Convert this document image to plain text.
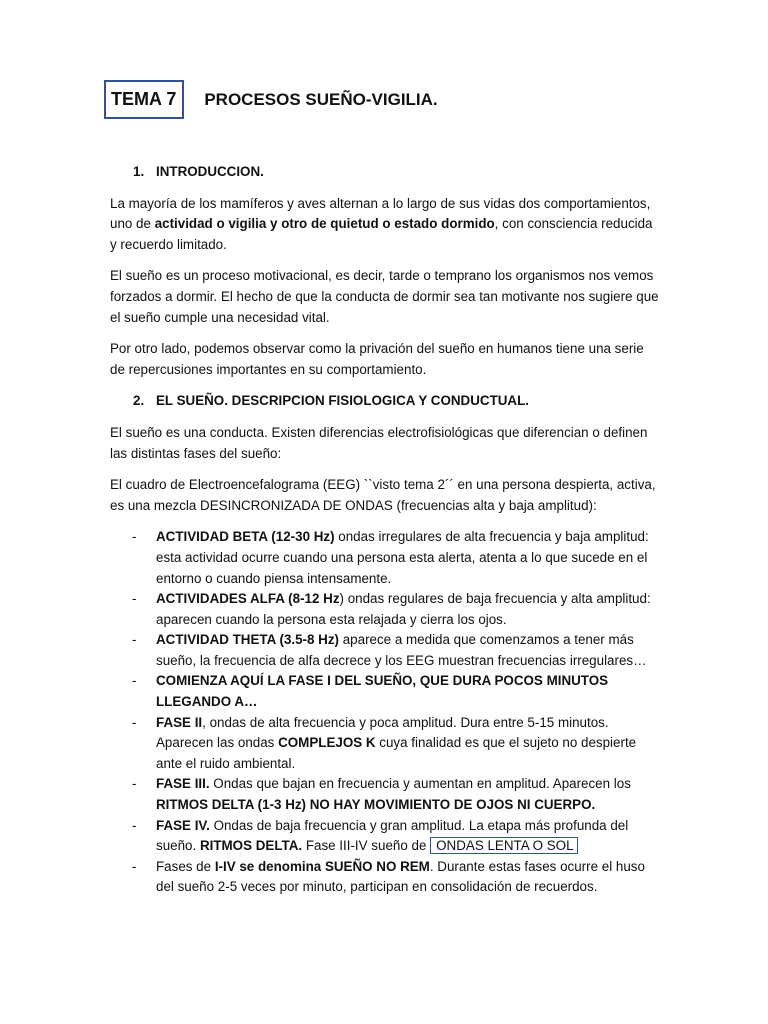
TEMA 7	PROCESOS SUEÑO-VIGILIA.
1. INTRODUCCION.

La mayoría de los mamíferos y aves alternan a lo largo de sus vidas dos comportamientos, uno de actividad o vigilia y otro de quietud o estado dormido, con consciencia reducida y recuerdo limitado.

El sueño es un proceso motivacional, es decir, tarde o temprano los organismos nos vemos forzados a dormir. El hecho de que la conducta de dormir sea tan motivante nos sugiere que el sueño cumple una necesidad vital.

Por otro lado, podemos observar como la privación del sueño en humanos tiene una serie de repercusiones importantes en su comportamiento.

2. EL SUEÑO. DESCRIPCION FISIOLOGICA Y CONDUCTUAL.

El sueño es una conducta. Existen diferencias electrofisiológicas que diferencian o definen las distintas fases del sueño:

El cuadro de Electroencefalograma (EEG) ``visto tema 2´´ en una persona despierta, activa, es una mezcla DESINCRONIZADA DE ONDAS (frecuencias alta y baja amplitud):

- ACTIVIDAD BETA (12-30 Hz) ondas irregulares de alta frecuencia y baja amplitud: esta actividad ocurre cuando una persona esta alerta, atenta a lo que sucede en el entorno o cuando piensa intensamente.
- ACTIVIDADES ALFA (8-12 Hz) ondas regulares de baja frecuencia y alta amplitud: aparecen cuando la persona esta relajada y cierra los ojos.
- ACTIVIDAD THETA (3.5-8 Hz) aparece a medida que comenzamos a tener más sueño, la frecuencia de alfa decrece y los EEG muestran frecuencias irregulares…
- COMIENZA AQUÍ LA FASE I DEL SUEÑO, QUE DURA POCOS MINUTOS LLEGANDO A…
- FASE II, ondas de alta frecuencia y poca amplitud. Dura entre 5-15 minutos. Aparecen las ondas COMPLEJOS K cuya finalidad es que el sujeto no despierte ante el ruido ambiental.
- FASE III. Ondas que bajan en frecuencia y aumentan en amplitud. Aparecen los RITMOS DELTA (1-3 Hz) NO HAY MOVIMIENTO DE OJOS NI CUERPO.
- FASE IV. Ondas de baja frecuencia y gran amplitud. La etapa más profunda del sueño. RITMOS DELTA. Fase III-IV sueño de ONDAS LENTA O SOL
- Fases de I-IV se denomina SUEÑO NO REM. Durante estas fases ocurre el huso del sueño 2-5 veces por minuto, participan en consolidación de recuerdos.
